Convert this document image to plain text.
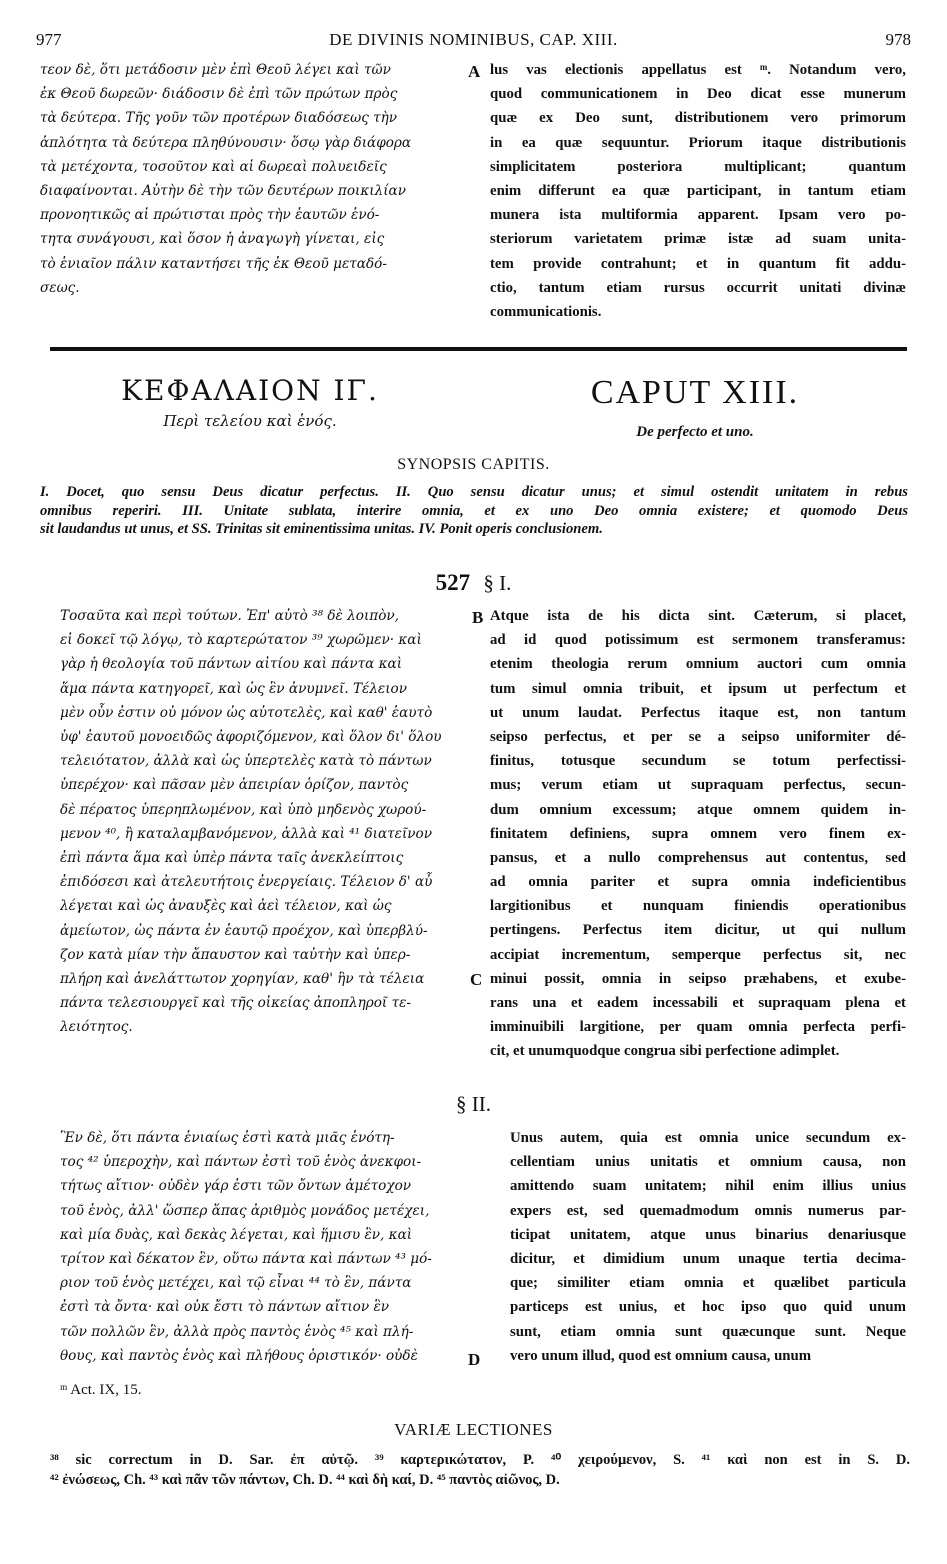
977	DE DIVINIS NOMINIBUS, CAP. XIII.	978
τεον δὲ, ὅτι μετάδοσιν μὲν ἐπὶ Θεοῦ λέγει καὶ τῶν
ἐκ Θεοῦ δωρεῶν· διάδοσιν δὲ ἐπὶ τῶν πρώτων πρὸς
τὰ δεύτερα. Τῆς γοῦν τῶν προτέρων διαδόσεως τὴν
ἁπλότητα τὰ δεύτερα πληθύνουσιν· ὅσῳ γὰρ διάφορα
τὰ μετέχοντα, τοσοῦτον καὶ αἱ δωρεαὶ πολυειδεῖς
διαφαίνονται. Αὐτὴν δὲ τὴν τῶν δευτέρων ποικιλίαν
προνοητικῶς αἱ πρώτισται πρὸς τὴν ἑαυτῶν ἑνό-
τητα συνάγουσι, καὶ ὅσον ἡ ἀναγωγὴ γίνεται, εἰς
τὸ ἑνιαῖον πάλιν καταντήσει τῆς ἐκ Θεοῦ μεταδό-
σεως.
A lus vas electionis appellatus est ᵐ. Notandum vero,
quod communicationem in Deo dicat esse munerum
quæ ex Deo sunt, distributionem vero primorum
in ea quæ sequuntur. Priorum itaque distributionis
simplicitatem posteriora multiplicant; quantum
enim differunt ea quæ participant, in tantum etiam
munera ista multiformia apparent. Ipsam vero po-
steriorum varietatem primæ istæ ad suam unita-
tem provide contrahunt; et in quantum fit addu-
ctio, tantum etiam rursus occurrit unitati divinæ
communicationis.
ΚΕΦΑΛΑΙΟΝ ΙΓ.
Περὶ τελείου καὶ ἑνός.
CAPUT XIII.
De perfecto et uno.
SYNOPSIS CAPITIS.
I. Docet, quo sensu Deus dicatur perfectus. II. Quo sensu dicatur unus; et simul ostendit unitatem in rebus
omnibus reperiri. III. Unitate sublata, interire omnia, et ex uno Deo omnia existere; et quomodo Deus
sit laudandus ut unus, et SS. Trinitas sit eminentissima unitas. IV. Ponit operis conclusionem.
527 § I.
Τοσαῦτα καὶ περὶ τούτων. Ἐπ' αὐτὸ ³⁸ δὲ λοιπὸν,
εἰ δοκεῖ τῷ λόγῳ, τὸ καρτερώτατον ³⁹ χωρῶμεν· καὶ
γὰρ ἡ θεολογία τοῦ πάντων αἰτίου καὶ πάντα καὶ
ἅμα πάντα κατηγορεῖ, καὶ ὡς ἓν ἀνυμνεῖ. Τέλειον
μὲν οὖν ἐστιν οὐ μόνον ὡς αὐτοτελὲς, καὶ καθ' ἑαυτὸ
ὑφ' ἑαυτοῦ μονοειδῶς ἀφοριζόμενον, καὶ ὅλον δι' ὅλου
τελειότατον, ἀλλὰ καὶ ὡς ὑπερτελὲς κατὰ τὸ πάντων
ὑπερέχον· καὶ πᾶσαν μὲν ἀπειρίαν ὁρίζον, παντὸς
δὲ πέρατος ὑπερηπλωμένον, καὶ ὑπὸ μηδενὸς χωρού-
μενον ⁴⁰, ἢ καταλαμβανόμενον, ἀλλὰ καὶ ⁴¹ διατεῖνον
ἐπὶ πάντα ἅμα καὶ ὑπὲρ πάντα ταῖς ἀνεκλείπτοις
ἐπιδόσεσι καὶ ἀτελευτήτοις ἐνεργείαις. Τέλειον δ' αὖ
λέγεται καὶ ὡς ἀναυξὲς καὶ ἀεὶ τέλειον, καὶ ὡς
ἀμείωτον, ὡς πάντα ἐν ἑαυτῷ προέχον, καὶ ὑπερβλύ-
ζον κατὰ μίαν τὴν ἄπαυστον καὶ ταὐτὴν καὶ ὑπερ-
πλήρη καὶ ἀνελάττωτον χορηγίαν, καθ' ἣν τὰ τέλεια
πάντα τελεσιουργεῖ καὶ τῆς οἰκείας ἀποπληροῖ τε-
λειότητος.
B
C
Atque ista de his dicta sint. Cæterum, si placet,
ad id quod potissimum est sermonem transferamus:
etenim theologia rerum omnium auctori cum omnia
tum simul omnia tribuit, et ipsum ut perfectum et
ut unum laudat. Perfectus itaque est, non tantum
seipso perfectus, et per se a seipso uniformiter dé-
finitus, totusque secundum se totum perfectissi-
mus; verum etiam ut supraquam perfectus, secun-
dum omnium excessum; atque omnem quidem in-
finitatem definiens, supra omnem vero finem ex-
pansus, et a nullo comprehensus aut contentus, sed
ad omnia pariter et supra omnia indeficientibus
largitionibus et nunquam finiendis operationibus
pertingens. Perfectus item dicitur, ut qui nullum
accipiat incrementum, semperque perfectus sit, nec
minui possit, omnia in seipso præhabens, et exube-
rans una et eadem incessabili et supraquam plena et
imminuibili largitione, per quam omnia perfecta perfi-
cit, et unumquodque congrua sibi perfectione adimplet.
§ II.
Ἓν δὲ, ὅτι πάντα ἑνιαίως ἐστὶ κατὰ μιᾶς ἑνότη-
τος ⁴² ὑπεροχὴν, καὶ πάντων ἐστὶ τοῦ ἑνὸς ἀνεκφοι-
τήτως αἴτιον· οὐδὲν γάρ ἐστι τῶν ὄντων ἀμέτοχον
τοῦ ἑνὸς, ἀλλ' ὥσπερ ἅπας ἀριθμὸς μονάδος μετέχει,
καὶ μία δυὰς, καὶ δεκὰς λέγεται, καὶ ἥμισυ ἓν, καὶ
τρίτον καὶ δέκατον ἓν, οὕτω πάντα καὶ πάντων ⁴³ μό-
ριον τοῦ ἑνὸς μετέχει, καὶ τῷ εἶναι ⁴⁴ τὸ ἓν, πάντα
ἐστὶ τὰ ὄντα· καὶ οὐκ ἔστι τὸ πάντων αἴτιον ἓν
τῶν πολλῶν ἓν, ἀλλὰ πρὸς παντὸς ἑνὸς ⁴⁵ καὶ πλή-
θους, καὶ παντὸς ἑνὸς καὶ πλήθους ὁριστικόν· οὐδὲ	D
Unus autem, quia est omnia unice secundum ex-
cellentiam unius unitatis et omnium causa, non
amittendo suam unitatem; nihil enim illius unius
expers est, sed quemadmodum omnis numerus par-
ticipat unitatem, atque unus binarius denariusque
dicitur, et dimidium unum unaque tertia decima-
que; similiter etiam omnia et quælibet particula
particeps est unius, et hoc ipso quo quid unum
sunt, etiam omnia sunt quæcunque sunt. Neque
vero unum illud, quod est omnium causa, unum
ᵐ Act. IX, 15.
VARIÆ LECTIONES
³⁸ sic correctum in D. Sar. ἐπ αὐτῷ. ³⁹ καρτερικώτατον, P. ⁴⁰ χειρούμενον, S. ⁴¹ καὶ non est in S. D.
⁴² ἐνώσεως, Ch. ⁴³ καὶ πᾶν τῶν πάντων, Ch. D. ⁴⁴ καὶ δὴ καί, D. ⁴⁵ παντὸς αἰῶνος, D.
